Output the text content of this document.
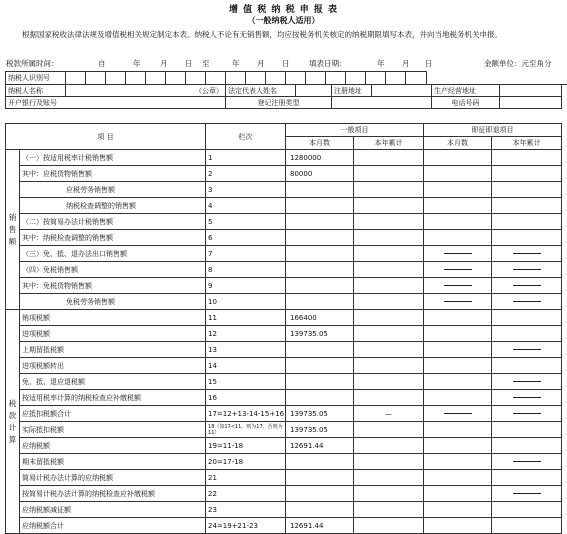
增 值 税 纳 税 申 报 表
（一般纳税人适用）
根据国家税收法律法规及增值税相关规定制定本表。纳税人不论有无销售额，均应按税务机关核定的纳税期限填写本表，并向当地税务机关申报。
税款所属时间：	自	年	月 日 至	年 月 日	填表日期：	年 月 日	金额单位：元至角分
纳税人识别号																			
纳税人名称	（公章）	法定代表人姓名		注册地址		生产经营地址	
开户银行及账号		登记注册类型				电话号码	
项 目		栏次	一般项目		即征即退项目	
			本月数	本年累计	本月数	本年累计
销 售 额	（一）按适用税率计税销售额	1	1280000			
	其中：应税货物销售额	2	80000			
	应税劳务销售额	3				
	纳税检查调整的销售额	4				
	（二）按简易办法计税销售额	5				
	其中：纳税检查调整的销售额	6				
	（三）免、抵、退办法出口销售额	7				
	（四）免税销售额	8				
	其中：免税货物销售额	9				
	免税劳务销售额	10				
税 款 计 算	销项税额	11	166400			
	进项税额	12	139735.05			
	上期留抵税额	13				
	进项税额转出	14				
	免、抵、退应退税额	15				
	按适用税率计算的纳税检查应补缴税额	16				
	应抵扣税额合计	17=12+13-14-15+16	139735.05	—		
	实际抵扣税额	18（如17<11，则为17，否则为11）	139735.05			
	应纳税额	19=11-18	12691.44			
	期末留抵税额	20=17-18				
	简易计税办法计算的应纳税额	21				
	按简易计税办法计算的纳税检查应补缴税额	22				
	应纳税额减征额	23				
	应纳税额合计	24=19+21-23	12691.44			
